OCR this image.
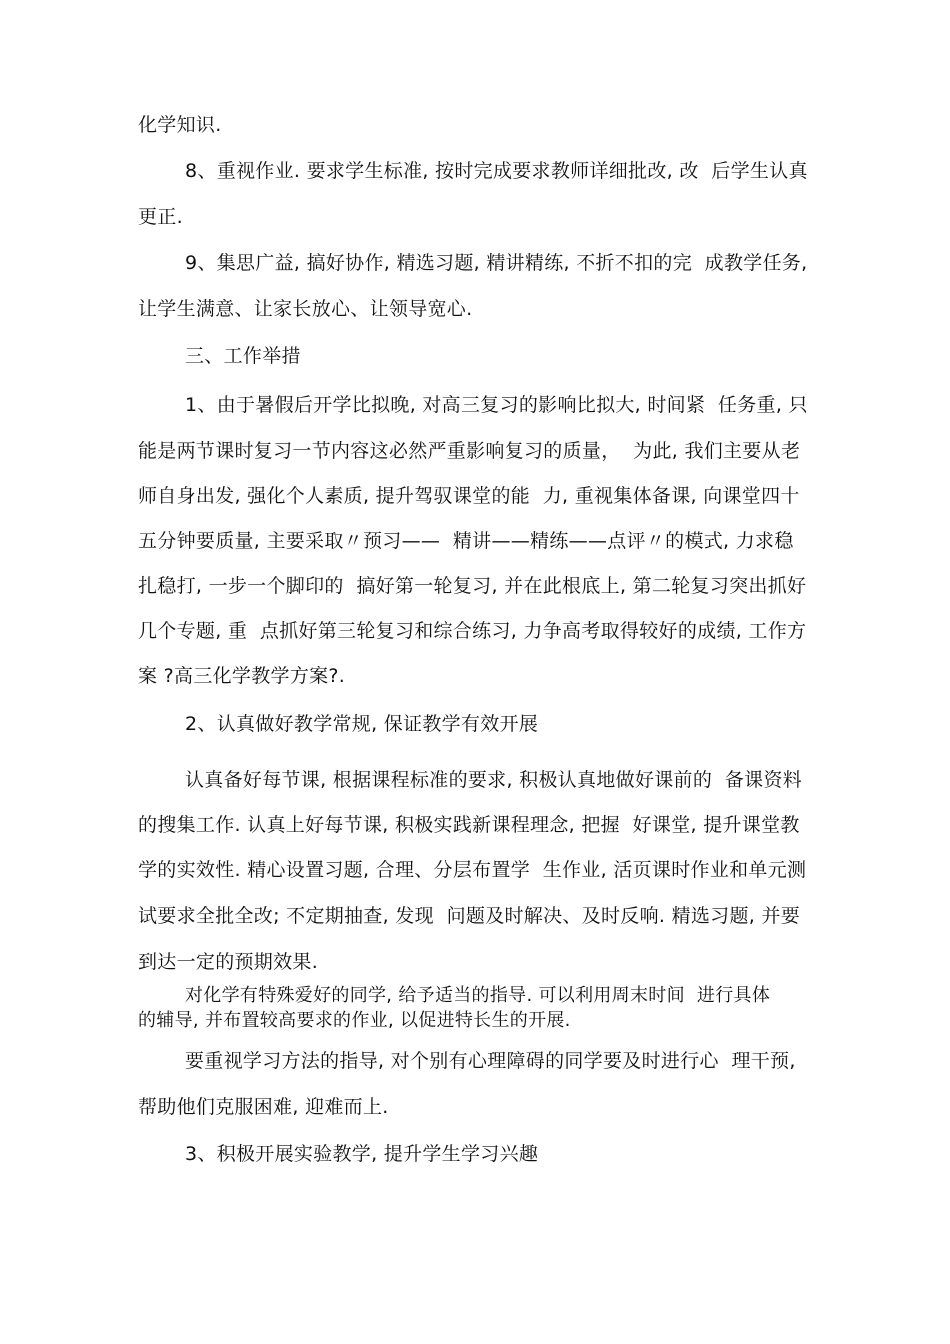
化学知识.

8、重视作业. 要求学生标准, 按时完成要求教师详细批改, 改  后学生认真

更正.

9、集思广益, 搞好协作, 精选习题, 精讲精练, 不折不扣的完  成教学任务,

让学生满意、让家长放心、让领导宽心.

三、工作举措

1、由于暑假后开学比拟晚, 对高三复习的影响比拟大, 时间紧  任务重, 只

能是两节课时复习一节内容这必然严重影响复习的质量，  为此, 我们主要从老

师自身出发, 强化个人素质, 提升驾驭课堂的能  力, 重视集体备课, 向课堂四十

五分钟要质量, 主要采取〃预习——  精讲——精练——点评〃的模式, 力求稳

扎稳打, 一步一个脚印的  搞好第一轮复习, 并在此根底上, 第二轮复习突出抓好

几个专题, 重  点抓好第三轮复习和综合练习, 力争高考取得较好的成绩, 工作方

案 ?高三化学教学方案?.

2、认真做好教学常规, 保证教学有效开展

认真备好每节课, 根据课程标准的要求, 积极认真地做好课前的  备课资料

的搜集工作. 认真上好每节课, 积极实践新课程理念, 把握  好课堂, 提升课堂教

学的实效性. 精心设置习题, 合理、分层布置学  生作业, 活页课时作业和单元测

试要求全批全改; 不定期抽查, 发现  问题及时解决、及时反响. 精选习题, 并要

到达一定的预期效果.

对化学有特殊爱好的同学, 给予适当的指导. 可以利用周末时间  进行具体

的辅导, 并布置较高要求的作业, 以促进特长生的开展.

要重视学习方法的指导, 对个别有心理障碍的同学要及时进行心  理干预,

帮助他们克服困难, 迎难而上.

3、积极开展实验教学, 提升学生学习兴趣
